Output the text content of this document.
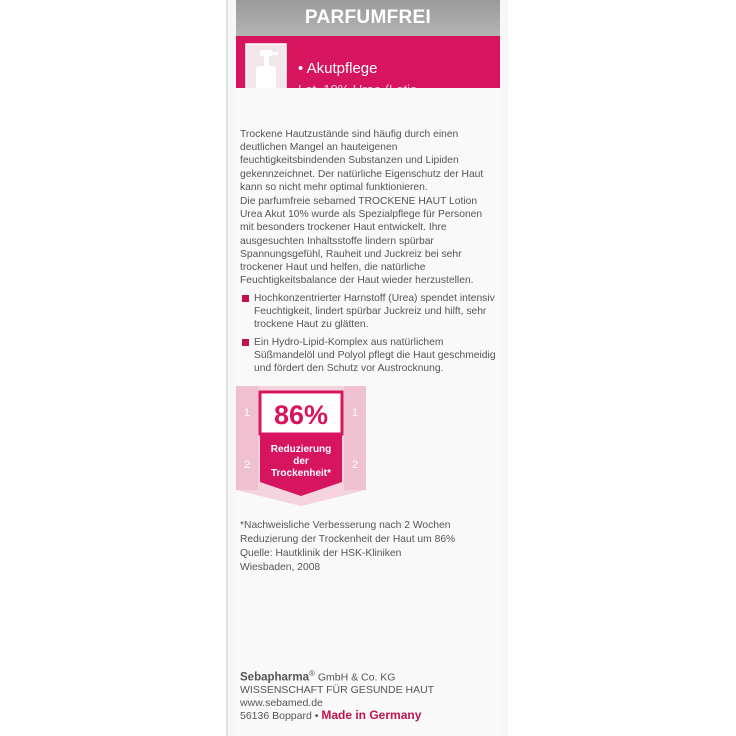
PARFUMFREI
• Akutpflege
Trockene Hautzustände sind häufig durch einen deutlichen Mangel an hauteigenen feuchtigkeitsbindenden Substanzen und Lipiden gekennzeichnet. Der natürliche Eigenschutz der Haut kann so nicht mehr optimal funktionieren.
Die parfumfreie sebamed TROCKENE HAUT Lotion Urea Akut 10% wurde als Spezialpflege für Personen mit besonders trockener Haut entwickelt. Ihre ausgesuchten Inhaltsstoffe lindern spürbar Spannungsgefühl, Rauheit und Juckreiz bei sehr trockener Haut und helfen, die natürliche Feuchtigkeitsbalance der Haut wieder herzustellen.
Hochkonzentrierter Harnstoff (Urea) spendet intensiv Feuchtigkeit, lindert spürbar Juckreiz und hilft, sehr trockene Haut zu glätten.
Ein Hydro-Lipid-Komplex aus natürlichem Süßmandelöl und Polyol pflegt die Haut geschmeidig und fördert den Schutz vor Austrocknung.
1
2
1
2
86%
Reduzierung
der
Trockenheit*
*Nachweisliche Verbesserung nach 2 Wochen
Reduzierung der Trockenheit der Haut um 86%
Quelle: Hautklinik der HSK-Kliniken
Wiesbaden, 2008
Sebapharma® GmbH & Co. KG
WISSENSCHAFT FÜR GESUNDE HAUT
www.sebamed.de
56136 Boppard • Made in Germany
